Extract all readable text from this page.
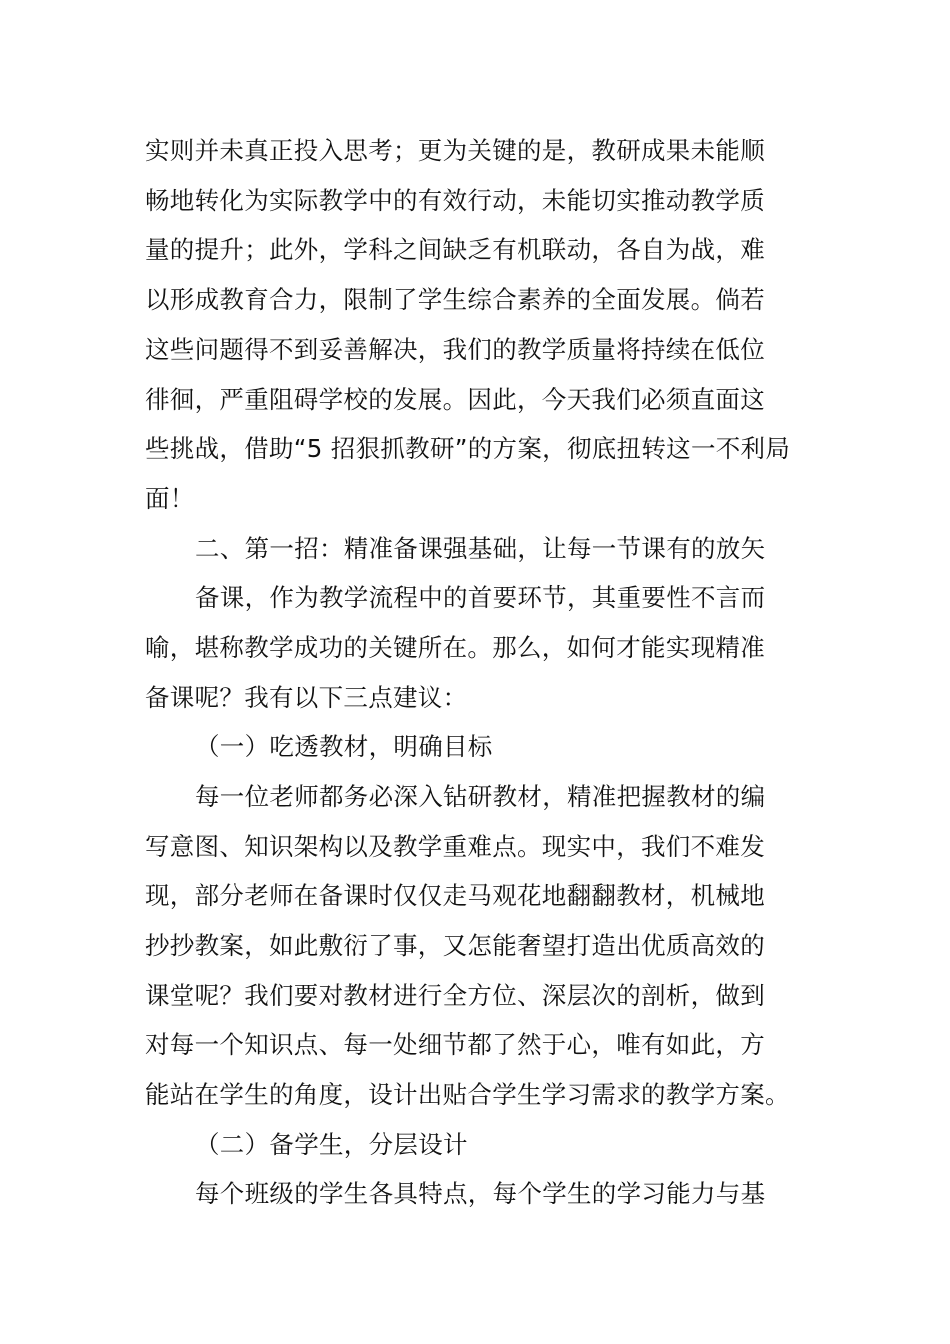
实则并未真正投入思考；更为关键的是，教研成果未能顺
畅地转化为实际教学中的有效行动，未能切实推动教学质
量的提升；此外，学科之间缺乏有机联动，各自为战，难
以形成教育合力，限制了学生综合素养的全面发展。倘若
这些问题得不到妥善解决，我们的教学质量将持续在低位
徘徊，严重阻碍学校的发展。因此，今天我们必须直面这
些挑战，借助“5 招狠抓教研”的方案，彻底扭转这一不利局
面！
二、第一招：精准备课强基础，让每一节课有的放矢
备课，作为教学流程中的首要环节，其重要性不言而
喻，堪称教学成功的关键所在。那么，如何才能实现精准
备课呢？我有以下三点建议：
（一）吃透教材，明确目标
每一位老师都务必深入钻研教材，精准把握教材的编
写意图、知识架构以及教学重难点。现实中，我们不难发
现，部分老师在备课时仅仅走马观花地翻翻教材，机械地
抄抄教案，如此敷衍了事，又怎能奢望打造出优质高效的
课堂呢？我们要对教材进行全方位、深层次的剖析，做到
对每一个知识点、每一处细节都了然于心，唯有如此，方
能站在学生的角度，设计出贴合学生学习需求的教学方案。
（二）备学生，分层设计
每个班级的学生各具特点，每个学生的学习能力与基
